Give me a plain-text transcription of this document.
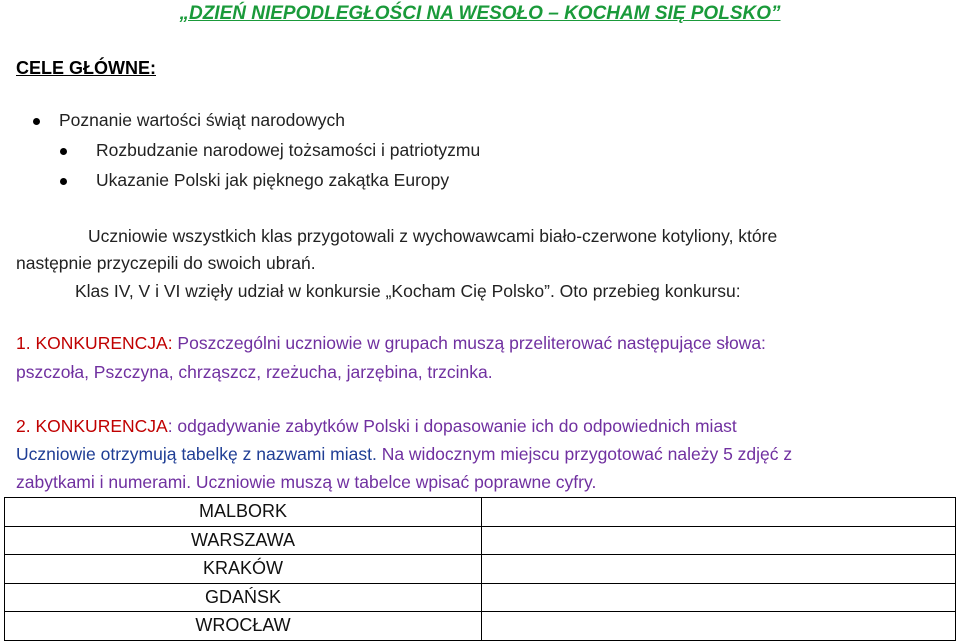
„DZIEŃ NIEPODLEGŁOŚCI NA WESOŁO – KOCHAM SIĘ POLSKO”
CELE GŁÓWNE:
Poznanie wartości świąt narodowych
Rozbudzanie narodowej tożsamości i patriotyzmu
Ukazanie Polski jak pięknego zakątka Europy
Uczniowie wszystkich klas przygotowali z wychowawcami biało-czerwone kotyliony, które
następnie przyczepili do swoich ubrań.
Klas IV, V i VI wzięły udział w konkursie „Kocham Cię Polsko”. Oto przebieg konkursu:
1. KONKURENCJA: Poszczególni uczniowie w grupach muszą przeliterować następujące słowa:
pszczoła, Pszczyna, chrząszcz, rzeżucha, jarzębina, trzcinka.
2. KONKURENCJA: odgadywanie zabytków Polski i dopasowanie ich do odpowiednich miast
Uczniowie otrzymują tabelkę z nazwami miast. Na widocznym miejscu przygotować należy 5 zdjęć z
zabytkami i numerami. Uczniowie muszą w tabelce wpisać poprawne cyfry.
MALBORK	
WARSZAWA	
KRAKÓW	
GDAŃSK	
WROCŁAW	
